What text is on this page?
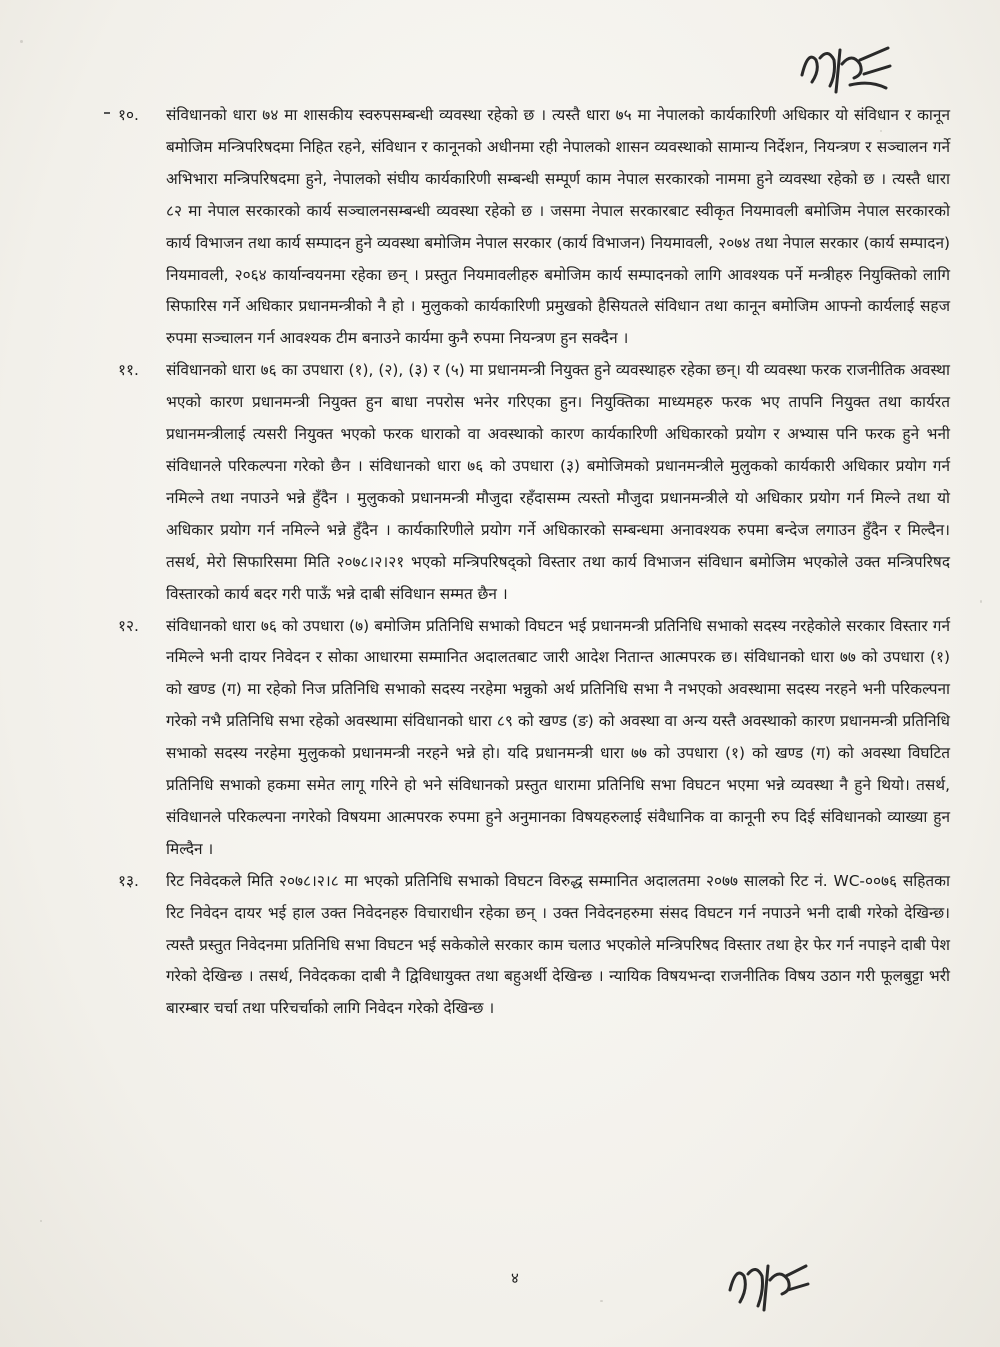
१०.	संविधानको धारा ७४ मा शासकीय स्वरुपसम्बन्धी व्यवस्था रहेको छ । त्यस्तै धारा ७५ मा नेपालको कार्यकारिणी अधिकार यो संविधान र कानून बमोजिम मन्त्रिपरिषदमा निहित रहने, संविधान र कानूनको अधीनमा रही नेपालको शासन व्यवस्थाको सामान्य निर्देशन, नियन्त्रण र सञ्चालन गर्ने अभिभारा मन्त्रिपरिषदमा हुने, नेपालको संघीय कार्यकारिणी सम्बन्धी सम्पूर्ण काम नेपाल सरकारको नाममा हुने व्यवस्था रहेको छ । त्यस्तै धारा ८२ मा नेपाल सरकारको कार्य सञ्चालनसम्बन्धी व्यवस्था रहेको छ । जसमा नेपाल सरकारबाट स्वीकृत नियमावली बमोजिम नेपाल सरकारको कार्य विभाजन तथा कार्य सम्पादन हुने व्यवस्था बमोजिम नेपाल सरकार (कार्य विभाजन) नियमावली, २०७४ तथा नेपाल सरकार (कार्य सम्पादन) नियमावली, २०६४ कार्यान्वयनमा रहेका छन् । प्रस्तुत नियमावलीहरु बमोजिम कार्य सम्पादनको लागि आवश्यक पर्ने मन्त्रीहरु नियुक्तिको लागि सिफारिस गर्ने अधिकार प्रधानमन्त्रीको नै हो । मुलुकको कार्यकारिणी प्रमुखको हैसियतले संविधान तथा कानून बमोजिम आफ्नो कार्यलाई सहज रुपमा सञ्चालन गर्न आवश्यक टीम बनाउने कार्यमा कुनै रुपमा नियन्त्रण हुन सक्दैन ।
११.	संविधानको धारा ७६ का उपधारा (१), (२), (३) र (५) मा प्रधानमन्त्री नियुक्त हुने व्यवस्थाहरु रहेका छन्। यी व्यवस्था फरक राजनीतिक अवस्था भएको कारण प्रधानमन्त्री नियुक्त हुन बाधा नपरोस भनेर गरिएका हुन। नियुक्तिका माध्यमहरु फरक भए तापनि नियुक्त तथा कार्यरत प्रधानमन्त्रीलाई त्यसरी नियुक्त भएको फरक धाराको वा अवस्थाको कारण कार्यकारिणी अधिकारको प्रयोग र अभ्यास पनि फरक हुने भनी संविधानले परिकल्पना गरेको छैन । संविधानको धारा ७६ को उपधारा (३) बमोजिमको प्रधानमन्त्रीले मुलुकको कार्यकारी अधिकार प्रयोग गर्न नमिल्ने तथा नपाउने भन्ने हुँदैन । मुलुकको प्रधानमन्त्री मौजुदा रहँदासम्म त्यस्तो मौजुदा प्रधानमन्त्रीले यो अधिकार प्रयोग गर्न मिल्ने तथा यो अधिकार प्रयोग गर्न नमिल्ने भन्ने हुँदैन । कार्यकारिणीले प्रयोग गर्ने अधिकारको सम्बन्धमा अनावश्यक रुपमा बन्देज लगाउन हुँदैन र मिल्दैन। तसर्थ, मेरो सिफारिसमा मिति २०७८।२।२१ भएको मन्त्रिपरिषद्को विस्तार तथा कार्य विभाजन संविधान बमोजिम भएकोले उक्त मन्त्रिपरिषद विस्तारको कार्य बदर गरी पाऊँ भन्ने दाबी संविधान सम्मत छैन ।
१२.	संविधानको धारा ७६ को उपधारा (७) बमोजिम प्रतिनिधि सभाको विघटन भई प्रधानमन्त्री प्रतिनिधि सभाको सदस्य नरहेकोले सरकार विस्तार गर्न नमिल्ने भनी दायर निवेदन र सोका आधारमा सम्मानित अदालतबाट जारी आदेश नितान्त आत्मपरक छ। संविधानको धारा ७७ को उपधारा (१) को खण्ड (ग) मा रहेको निज प्रतिनिधि सभाको सदस्य नरहेमा भन्नुको अर्थ प्रतिनिधि सभा नै नभएको अवस्थामा सदस्य नरहने भनी परिकल्पना गरेको नभै प्रतिनिधि सभा रहेको अवस्थामा संविधानको धारा ८९ को खण्ड (ङ) को अवस्था वा अन्य यस्तै अवस्थाको कारण प्रधानमन्त्री प्रतिनिधि सभाको सदस्य नरहेमा मुलुकको प्रधानमन्त्री नरहने भन्ने हो। यदि प्रधानमन्त्री धारा ७७ को उपधारा (१) को खण्ड (ग) को अवस्था विघटित प्रतिनिधि सभाको हकमा समेत लागू गरिने हो भने संविधानको प्रस्तुत धारामा प्रतिनिधि सभा विघटन भएमा भन्ने व्यवस्था नै हुने थियो। तसर्थ, संविधानले परिकल्पना नगरेको विषयमा आत्मपरक रुपमा हुने अनुमानका विषयहरुलाई संवैधानिक वा कानूनी रुप दिई संविधानको व्याख्या हुन मिल्दैन ।
१३.	रिट निवेदकले मिति २०७८।२।८ मा भएको प्रतिनिधि सभाको विघटन विरुद्ध सम्मानित अदालतमा २०७७ सालको रिट नं. WC-००७६ सहितका रिट निवेदन दायर भई हाल उक्त निवेदनहरु विचाराधीन रहेका छन् । उक्त निवेदनहरुमा संसद विघटन गर्न नपाउने भनी दाबी गरेको देखिन्छ। त्यस्तै प्रस्तुत निवेदनमा प्रतिनिधि सभा विघटन भई सकेकोले सरकार काम चलाउ भएकोले मन्त्रिपरिषद विस्तार तथा हेर फेर गर्न नपाइने दाबी पेश गरेको देखिन्छ । तसर्थ, निवेदकका दाबी नै द्विविधायुक्त तथा बहुअर्थी देखिन्छ । न्यायिक विषयभन्दा राजनीतिक विषय उठान गरी फूलबुट्टा भरी बारम्बार चर्चा तथा परिचर्चाको लागि निवेदन गरेको देखिन्छ ।
४
